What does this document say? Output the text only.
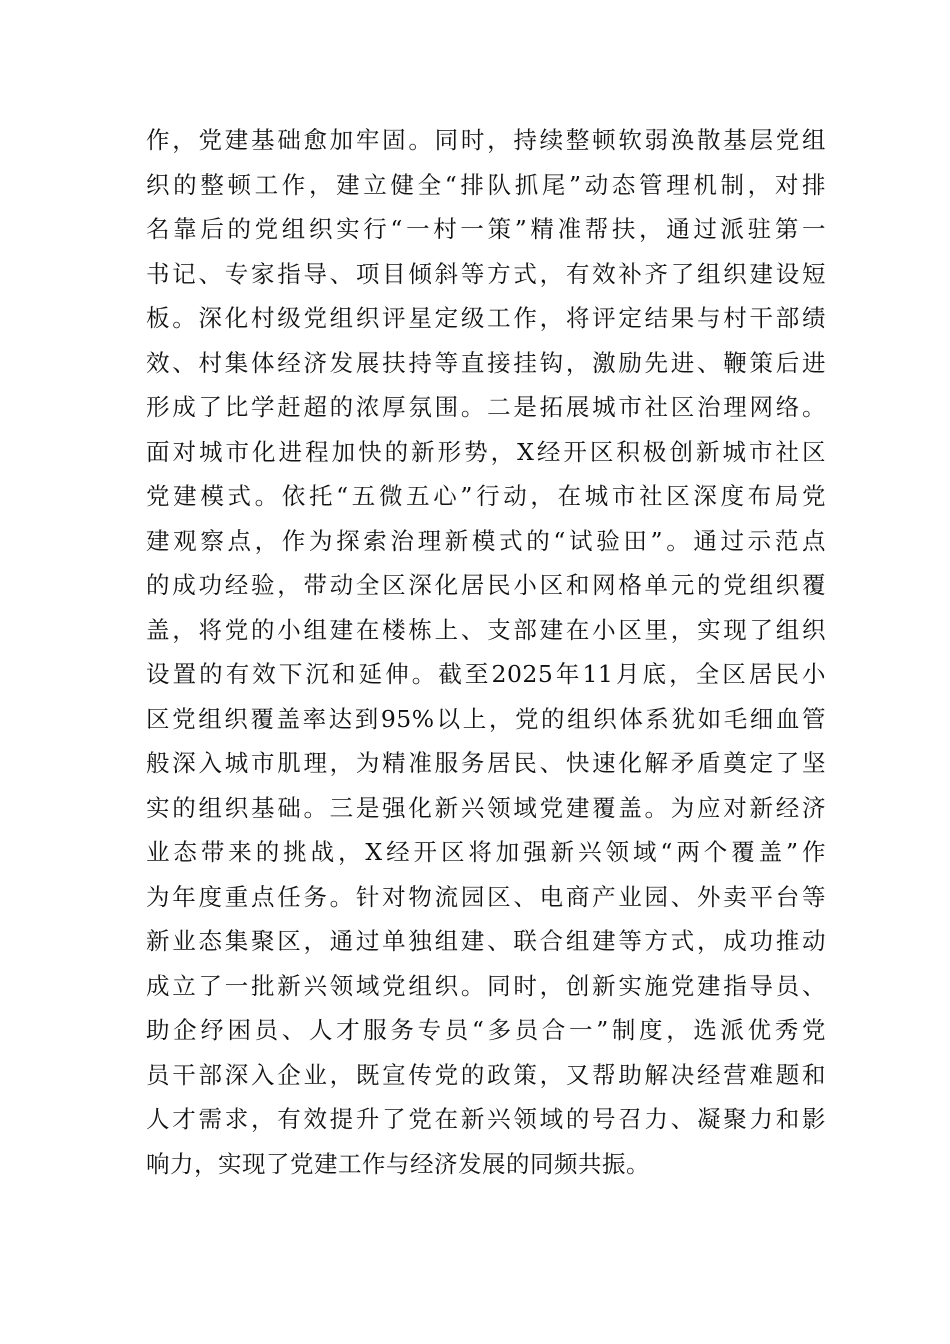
作，党建基础愈加牢固。同时，持续整顿软弱涣散基层党组
织的整顿工作，建立健全“排队抓尾”动态管理机制，对排
名靠后的党组织实行“一村一策”精准帮扶，通过派驻第一
书记、专家指导、项目倾斜等方式，有效补齐了组织建设短
板。深化村级党组织评星定级工作，将评定结果与村干部绩
效、村集体经济发展扶持等直接挂钩，激励先进、鞭策后进
形成了比学赶超的浓厚氛围。二是拓展城市社区治理网络。
面对城市化进程加快的新形势，X经开区积极创新城市社区
党建模式。依托“五微五心”行动，在城市社区深度布局党
建观察点，作为探索治理新模式的“试验田”。通过示范点
的成功经验，带动全区深化居民小区和网格单元的党组织覆
盖，将党的小组建在楼栋上、支部建在小区里，实现了组织
设置的有效下沉和延伸。截至2025年11月底，全区居民小
区党组织覆盖率达到95%以上，党的组织体系犹如毛细血管
般深入城市肌理，为精准服务居民、快速化解矛盾奠定了坚
实的组织基础。三是强化新兴领域党建覆盖。为应对新经济
业态带来的挑战，X经开区将加强新兴领域“两个覆盖”作
为年度重点任务。针对物流园区、电商产业园、外卖平台等
新业态集聚区，通过单独组建、联合组建等方式，成功推动
成立了一批新兴领域党组织。同时，创新实施党建指导员、
助企纾困员、人才服务专员“多员合一”制度，选派优秀党
员干部深入企业，既宣传党的政策，又帮助解决经营难题和
人才需求，有效提升了党在新兴领域的号召力、凝聚力和影
响力，实现了党建工作与经济发展的同频共振。
